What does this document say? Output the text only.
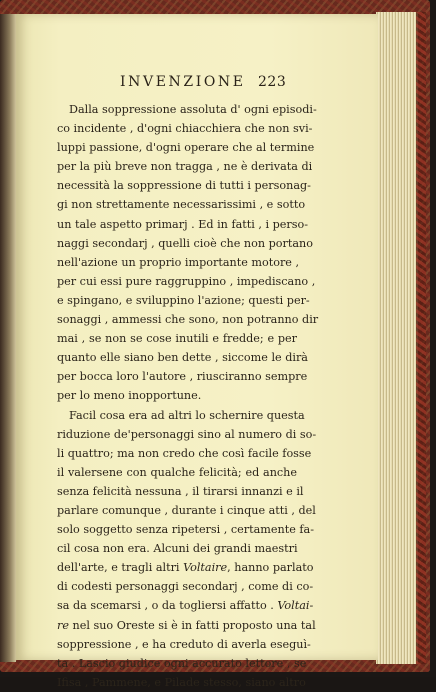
INVENZIONE 223
Dalla soppressione assoluta d' ogni episodi-
co incidente , d'ogni chiacchiera che non svi-
luppi passione, d'ogni operare che al termine
per la più breve non tragga , ne è derivata di
necessità la soppressione di tutti i personag-
gi non strettamente necessarissimi , e sotto
un tale aspetto primarj . Ed in fatti , i perso-
naggi secondarj , quelli cioè che non portano
nell'azione un proprio importante motore ,
per cui essi pure raggruppino , impediscano ,
e spingano, e sviluppino l'azione; questi per-
sonaggi , ammessi che sono, non potranno dir
mai , se non se cose inutili e fredde; e per
quanto elle siano ben dette , siccome le dirà
per bocca loro l'autore , riusciranno sempre
per lo meno inopportune.
Facil cosa era ad altri lo schernire questa
riduzione de'personaggi sino al numero di so-
li quattro; ma non credo che così facile fosse
il valersene con qualche felicità; ed anche
senza felicità nessuna , il tirarsi innanzi e il
parlare comunque , durante i cinque atti , del
solo soggetto senza ripetersi , certamente fa-
cil cosa non era. Alcuni dei grandi maestri
dell'arte, e tragli altri Voltaire, hanno parlato
di codesti personaggi secondarj , come di co-
sa da scemarsi , o da togliersi affatto . Voltai-
re nel suo Oreste si è in fatti proposto una tal
soppressione , e ha creduto di averla eseguì-
ta . Lascio giudice ogni accurato lettore , se
Ifisa , Pammene, e Pilade stesso, siano altro
